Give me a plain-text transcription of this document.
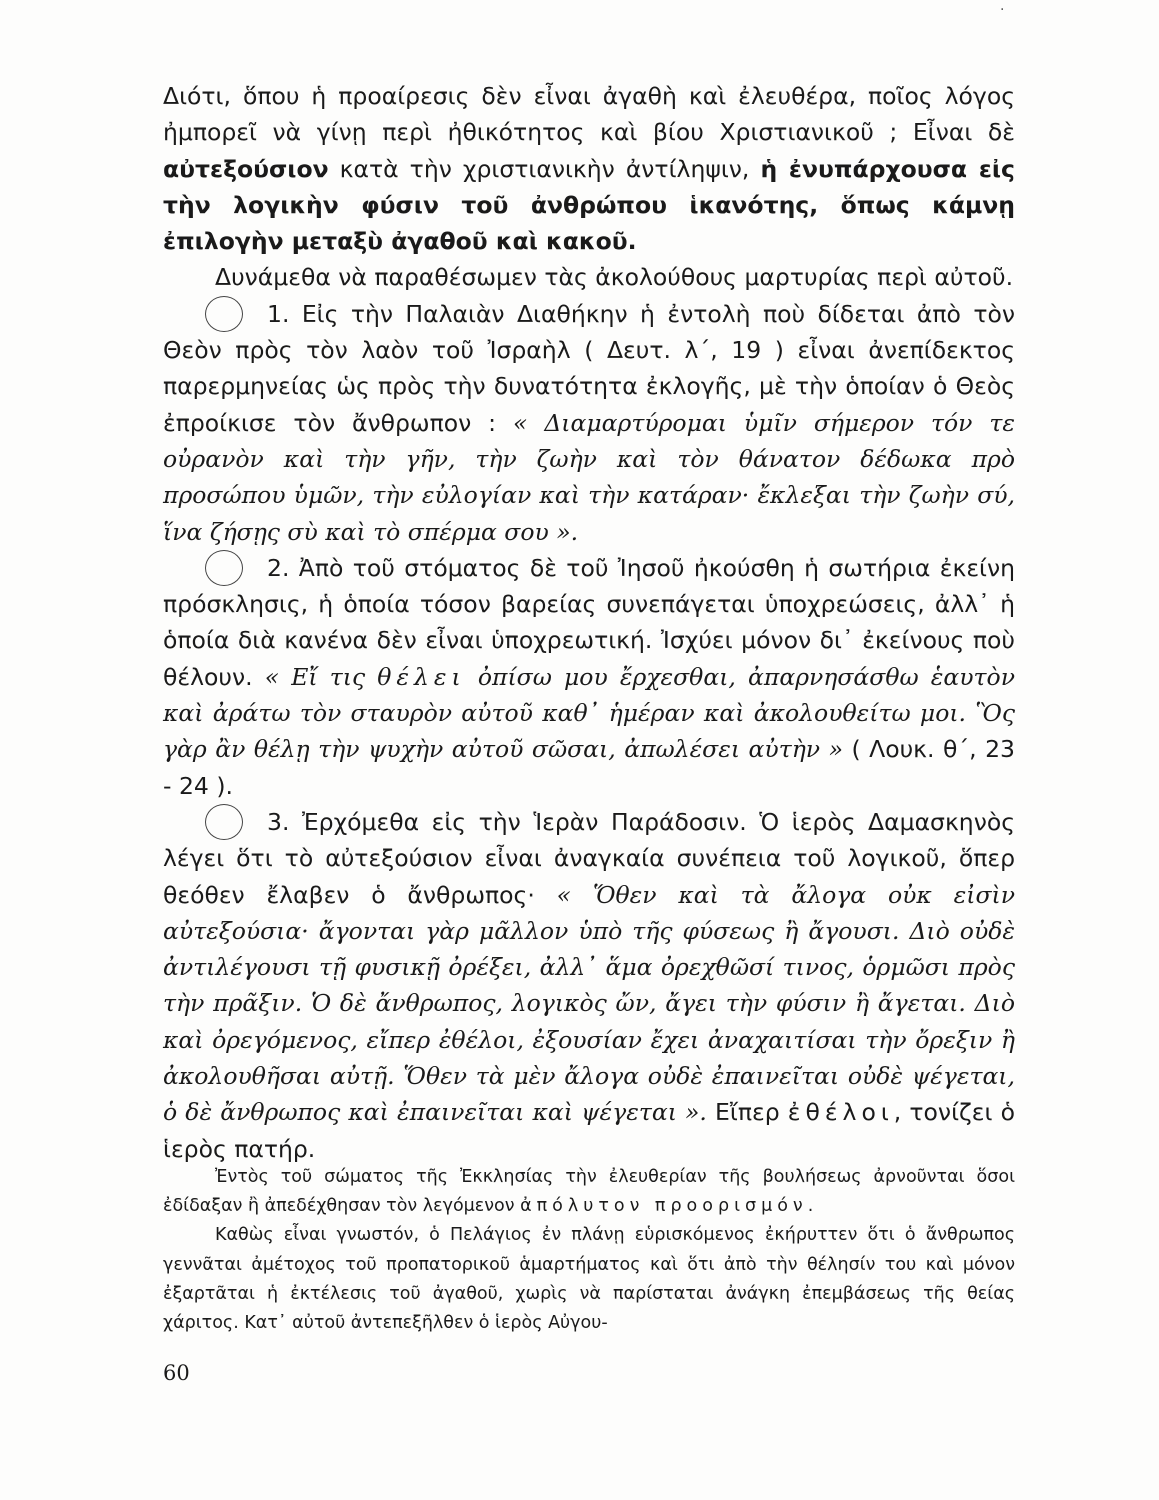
·

Διότι, ὅπου ἡ προαίρεσις δὲν εἶναι ἀγαθὴ καὶ ἐλευθέρα, ποῖος λόγος ἠμπορεῖ νὰ γίνῃ περὶ ἠθικότητος καὶ βίου Χριστιανικοῦ ; Εἶναι δὲ αὐτεξούσιον κατὰ τὴν χριστιανικὴν ἀντίληψιν, ἡ ἐνυπάρχουσα εἰς τὴν λογικὴν φύσιν τοῦ ἀνθρώπου ἱκανότης, ὅπως κάμνῃ ἐπιλογὴν μεταξὺ ἀγαθοῦ καὶ κακοῦ.

Δυνάμεθα νὰ παραθέσωμεν τὰς ἀκολούθους μαρτυρίας περὶ αὐτοῦ.

1. Εἰς τὴν Παλαιὰν Διαθήκην ἡ ἐντολὴ ποὺ δίδεται ἀπὸ τὸν Θεὸν πρὸς τὸν λαὸν τοῦ Ἰσραὴλ ( Δευτ. λ΄, 19 ) εἶναι ἀνεπίδεκτος παρερμηνείας ὡς πρὸς τὴν δυνατότητα ἐκλογῆς, μὲ τὴν ὁποίαν ὁ Θεὸς ἐπροίκισε τὸν ἄνθρωπον : « Διαμαρτύρομαι ὑμῖν σήμερον τόν τε οὐρανὸν καὶ τὴν γῆν, τὴν ζωὴν καὶ τὸν θάνατον δέδωκα πρὸ προσώπου ὑμῶν, τὴν εὐλογίαν καὶ τὴν κατάραν· ἔκλεξαι τὴν ζωὴν σύ, ἵνα ζήσῃς σὺ καὶ τὸ σπέρμα σου ».

2. Ἀπὸ τοῦ στόματος δὲ τοῦ Ἰησοῦ ἠκούσθη ἡ σωτήρια ἐκείνη πρόσκλησις, ἡ ὁποία τόσον βαρείας συνεπάγεται ὑποχρεώσεις, ἀλλ᾿ ἡ ὁποία διὰ κανένα δὲν εἶναι ὑποχρεωτική. Ἰσχύει μόνον δι᾿ ἐκείνους ποὺ θέλουν. « Εἴ τις θέλει ὀπίσω μου ἔρχεσθαι, ἀπαρνησάσθω ἑαυτὸν καὶ ἀράτω τὸν σταυρὸν αὐτοῦ καθ᾿ ἡμέραν καὶ ἀκολουθείτω μοι. Ὃς γὰρ ἂν θέλῃ τὴν ψυχὴν αὐτοῦ σῶσαι, ἀπωλέσει αὐτὴν » ( Λουκ. θ΄, 23 - 24 ).

3. Ἐρχόμεθα εἰς τὴν Ἱερὰν Παράδοσιν. Ὁ ἱερὸς Δαμασκηνὸς λέγει ὅτι τὸ αὐτεξούσιον εἶναι ἀναγκαία συνέπεια τοῦ λογικοῦ, ὅπερ θεόθεν ἔλαβεν ὁ ἄνθρωπος· « Ὅθεν καὶ τὰ ἄλογα οὐκ εἰσὶν αὐτεξούσια· ἄγονται γὰρ μᾶλλον ὑπὸ τῆς φύσεως ἢ ἄγουσι. Διὸ οὐδὲ ἀντιλέγουσι τῇ φυσικῇ ὀρέξει, ἀλλ᾿ ἅμα ὀρεχθῶσί τινος, ὁρμῶσι πρὸς τὴν πρᾶξιν. Ὁ δὲ ἄνθρωπος, λογικὸς ὤν, ἄγει τὴν φύσιν ἢ ἄγεται. Διὸ καὶ ὀρεγόμενος, εἴπερ ἐθέλοι, ἐξουσίαν ἔχει ἀναχαιτίσαι τὴν ὄρεξιν ἢ ἀκολουθῆσαι αὐτῇ. Ὅθεν τὰ μὲν ἄλογα οὐδὲ ἐπαινεῖται οὐδὲ ψέγεται, ὁ δὲ ἄνθρωπος καὶ ἐπαινεῖται καὶ ψέγεται ». Εἴπερ ἐθέλοι, τονίζει ὁ ἱερὸς πατήρ.

Ἐντὸς τοῦ σώματος τῆς Ἐκκλησίας τὴν ἐλευθερίαν τῆς βουλήσεως ἀρνοῦνται ὅσοι ἐδίδαξαν ἢ ἀπεδέχθησαν τὸν λεγόμενον ἀπόλυτον προορισμόν.

Καθὼς εἶναι γνωστόν, ὁ Πελάγιος ἐν πλάνῃ εὑρισκόμενος ἐκήρυττεν ὅτι ὁ ἄνθρωπος γεννᾶται ἀμέτοχος τοῦ προπατορικοῦ ἁμαρτήματος καὶ ὅτι ἀπὸ τὴν θέλησίν του καὶ μόνον ἐξαρτᾶται ἡ ἐκτέλεσις τοῦ ἀγαθοῦ, χωρὶς νὰ παρίσταται ἀνάγκη ἐπεμβάσεως τῆς θείας χάριτος. Κατ᾿ αὐτοῦ ἀντεπεξῆλθεν ὁ ἱερὸς Αὐγου-

60
